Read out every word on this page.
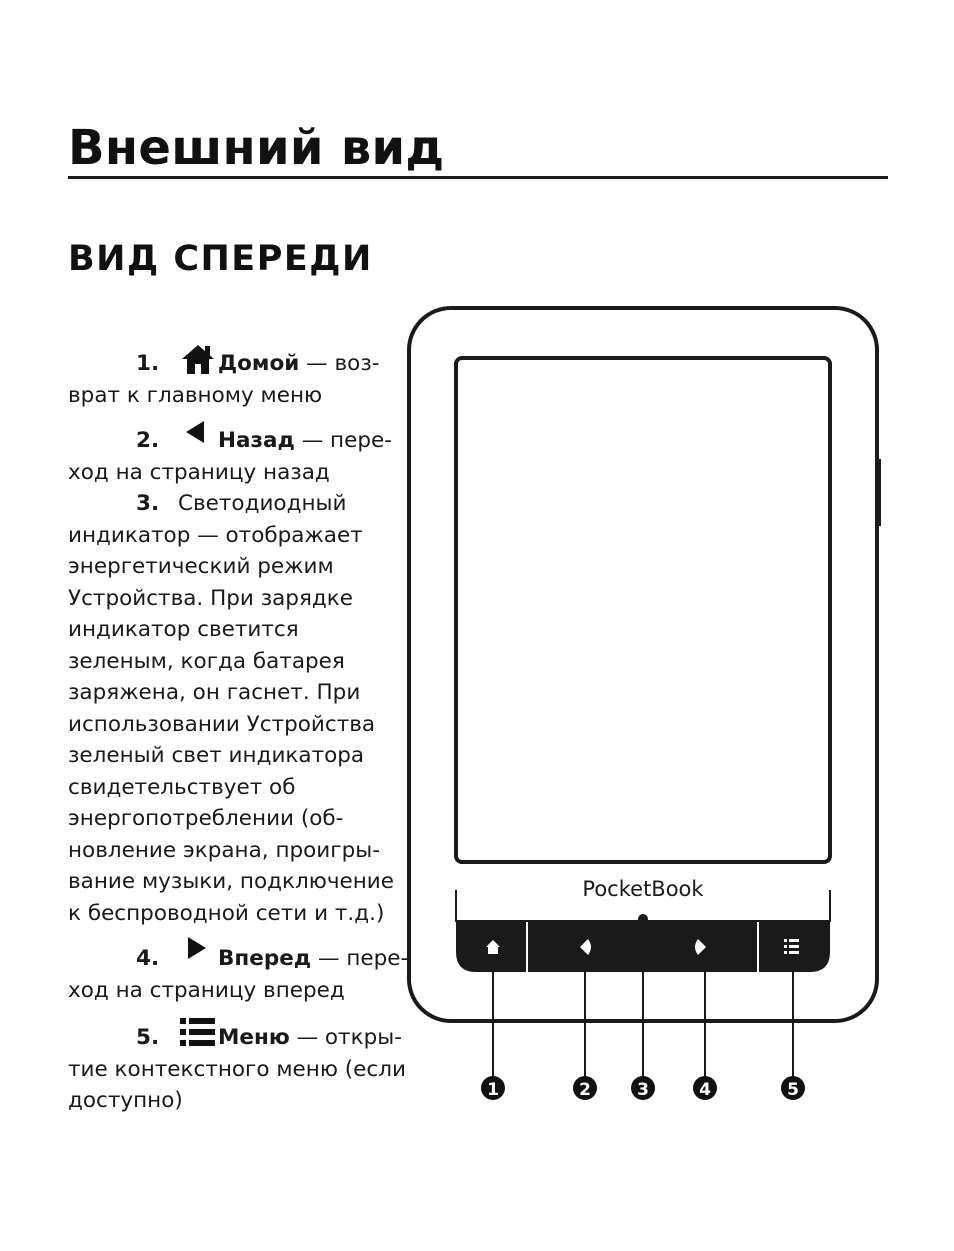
Внешний вид
ВИД СПЕРЕДИ

1.	Домой — воз-
врат к главному меню

2.	Назад — пере-
ход на страницу назад

3. Светодиодный
индикатор — отображает энергетический режим Устройства. При зарядке индикатор светится зеленым, когда батарея заряжена, он гаснет. При использовании Устройства зеленый свет индикатора свидетельствует об энергопотреблении (об-новление экрана, проигры-вание музыки, подключение к беспроводной сети и т.д.)

4.	Вперед — пере-
ход на страницу вперед

5.	Меню — откры-
тие контекстного меню (если доступно)

PocketBook
1	2	3	4	5
